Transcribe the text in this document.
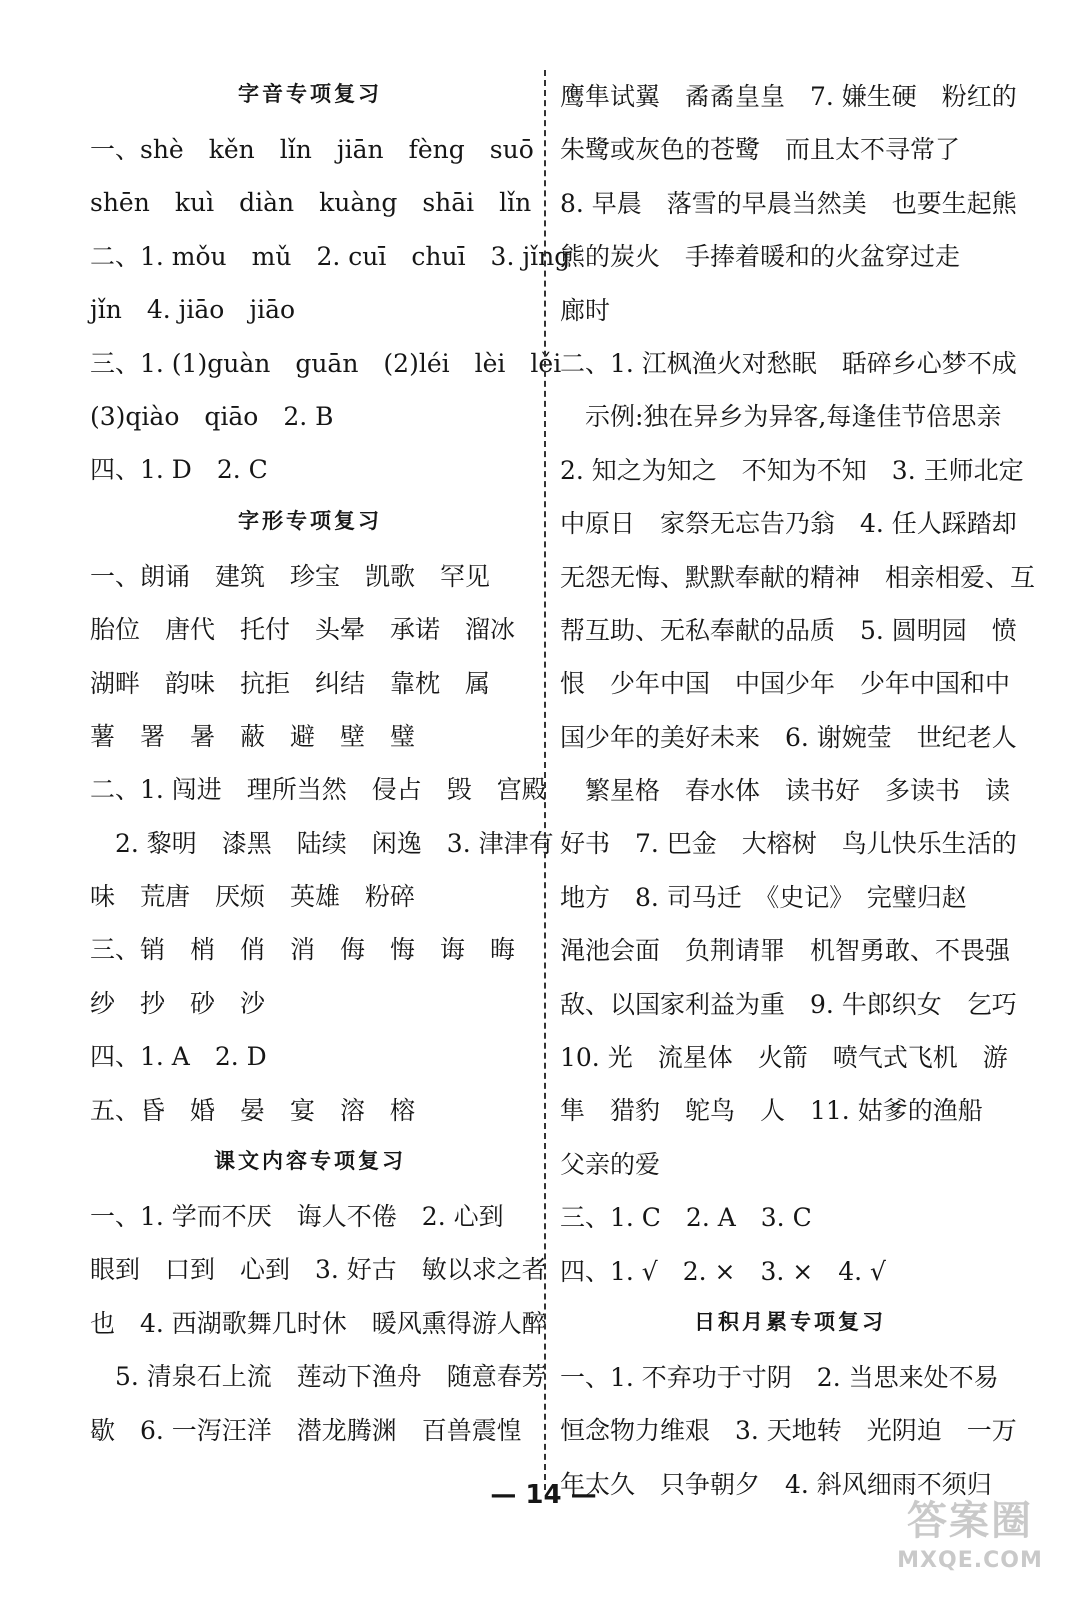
字音专项复习
一、shè　kěn　lǐn　jiān　fèng　suō
shēn　kuì　diàn　kuàng　shāi　lǐn
二、1. mǒu　mǔ　2. cuī　chuī　3. jǐng
jǐn　4. jiāo　jiāo
三、1. (1)guàn　guān　(2)léi　lèi　lěi
(3)qiào　qiāo　2. B
四、1. D　2. C
字形专项复习
一、朗诵　建筑　珍宝　凯歌　罕见
胎位　唐代　托付　头晕　承诺　溜冰
湖畔　韵味　抗拒　纠结　靠枕　属
薯　署　暑　蔽　避　壁　璧
二、1. 闯进　理所当然　侵占　毁　宫殿
　2. 黎明　漆黑　陆续　闲逸　3. 津津有
味　荒唐　厌烦　英雄　粉碎
三、销　梢　俏　消　侮　悔　诲　晦
纱　抄　砂　沙
四、1. A　2. D
五、昏　婚　晏　宴　溶　榕
课文内容专项复习
一、1. 学而不厌　诲人不倦　2. 心到
眼到　口到　心到　3. 好古　敏以求之者
也　4. 西湖歌舞几时休　暖风熏得游人醉
　5. 清泉石上流　莲动下渔舟　随意春芳
歇　6. 一泻汪洋　潜龙腾渊　百兽震惶
鹰隼试翼　矞矞皇皇　7. 嫌生硬　粉红的
朱鹭或灰色的苍鹭　而且太不寻常了
8. 早晨　落雪的早晨当然美　也要生起熊
熊的炭火　手捧着暖和的火盆穿过走
廊时
二、1. 江枫渔火对愁眠　聒碎乡心梦不成
　示例:独在异乡为异客,每逢佳节倍思亲
2. 知之为知之　不知为不知　3. 王师北定
中原日　家祭无忘告乃翁　4. 任人踩踏却
无怨无悔、默默奉献的精神　相亲相爱、互
帮互助、无私奉献的品质　5. 圆明园　愤
恨　少年中国　中国少年　少年中国和中
国少年的美好未来　6. 谢婉莹　世纪老人
　繁星格　春水体　读书好　多读书　读
好书　7. 巴金　大榕树　鸟儿快乐生活的
地方　8. 司马迁　《史记》　完璧归赵
渑池会面　负荆请罪　机智勇敢、不畏强
敌、以国家利益为重　9. 牛郎织女　乞巧
10. 光　流星体　火箭　喷气式飞机　游
隼　猎豹　鸵鸟　人　11. 姑爹的渔船
父亲的爱
三、1. C　2. A　3. C
四、1. √　2. ×　3. ×　4. √
日积月累专项复习
一、1. 不弃功于寸阴　2. 当思来处不易
恒念物力维艰　3. 天地转　光阴迫　一万
年太久　只争朝夕　4. 斜风细雨不须归
— 14 —
答案圈
MXQE.COM
